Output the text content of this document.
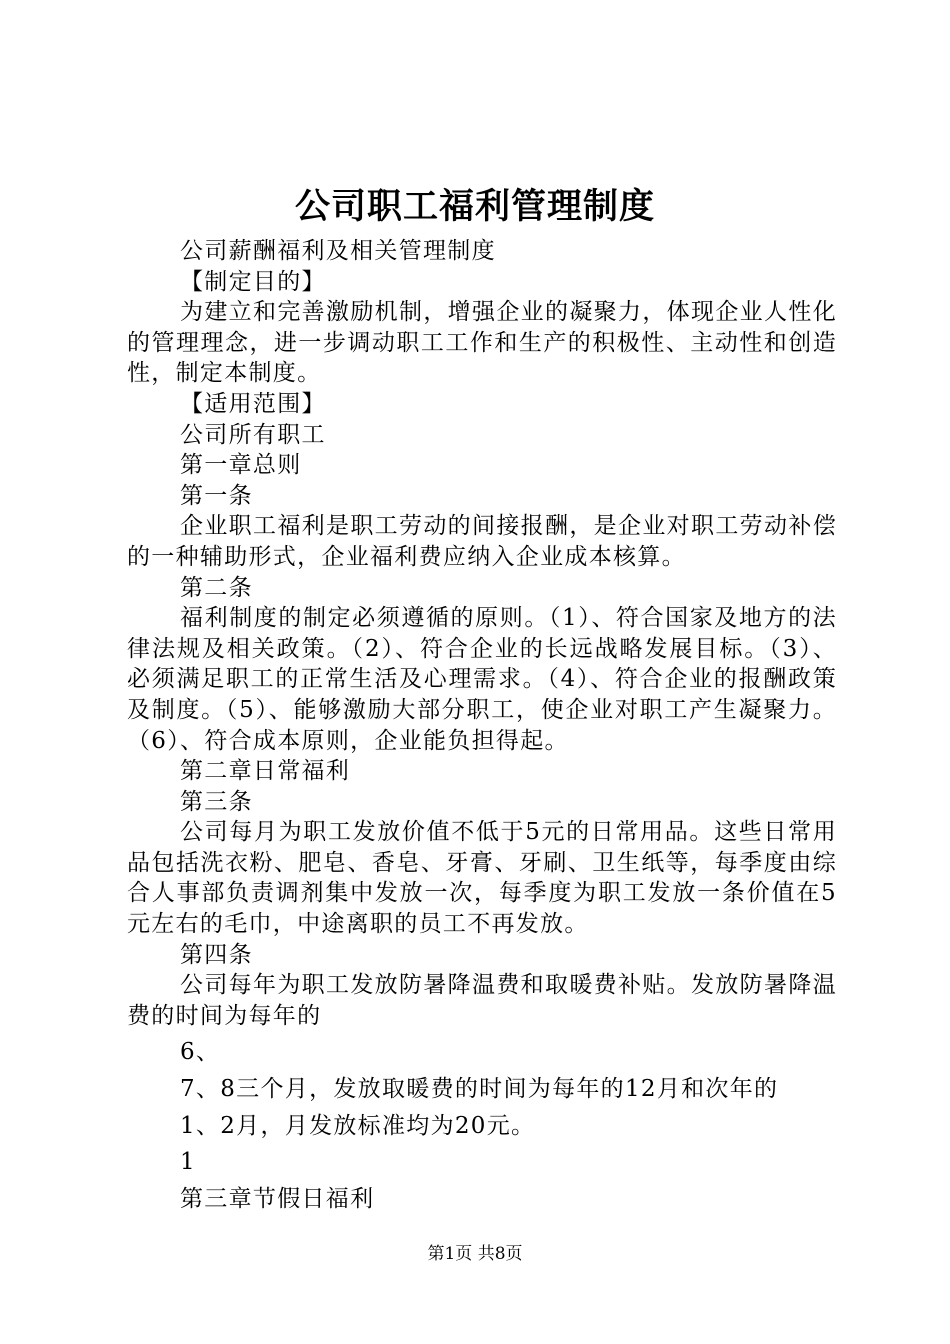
公司职工福利管理制度

公司薪酬福利及相关管理制度

【制定目的】

为建立和完善激励机制，增强企业的凝聚力，体现企业人性化的管理理念，进一步调动职工工作和生产的积极性、主动性和创造性，制定本制度。

【适用范围】

公司所有职工

第一章总则

第一条

企业职工福利是职工劳动的间接报酬，是企业对职工劳动补偿的一种辅助形式，企业福利费应纳入企业成本核算。

第二条

福利制度的制定必须遵循的原则。（1）、符合国家及地方的法律法规及相关政策。（2）、符合企业的长远战略发展目标。（3）、必须满足职工的正常生活及心理需求。（4）、符合企业的报酬政策及制度。（5）、能够激励大部分职工，使企业对职工产生凝聚力。（6）、符合成本原则，企业能负担得起。

第二章日常福利

第三条

公司每月为职工发放价值不低于5元的日常用品。这些日常用品包括洗衣粉、肥皂、香皂、牙膏、牙刷、卫生纸等，每季度由综合人事部负责调剂集中发放一次，每季度为职工发放一条价值在5元左右的毛巾，中途离职的员工不再发放。

第四条

公司每年为职工发放防暑降温费和取暖费补贴。发放防暑降温费的时间为每年的

6、

7、8三个月，发放取暖费的时间为每年的12月和次年的

1、2月，月发放标准均为20元。

1

第三章节假日福利

第1页 共8页
